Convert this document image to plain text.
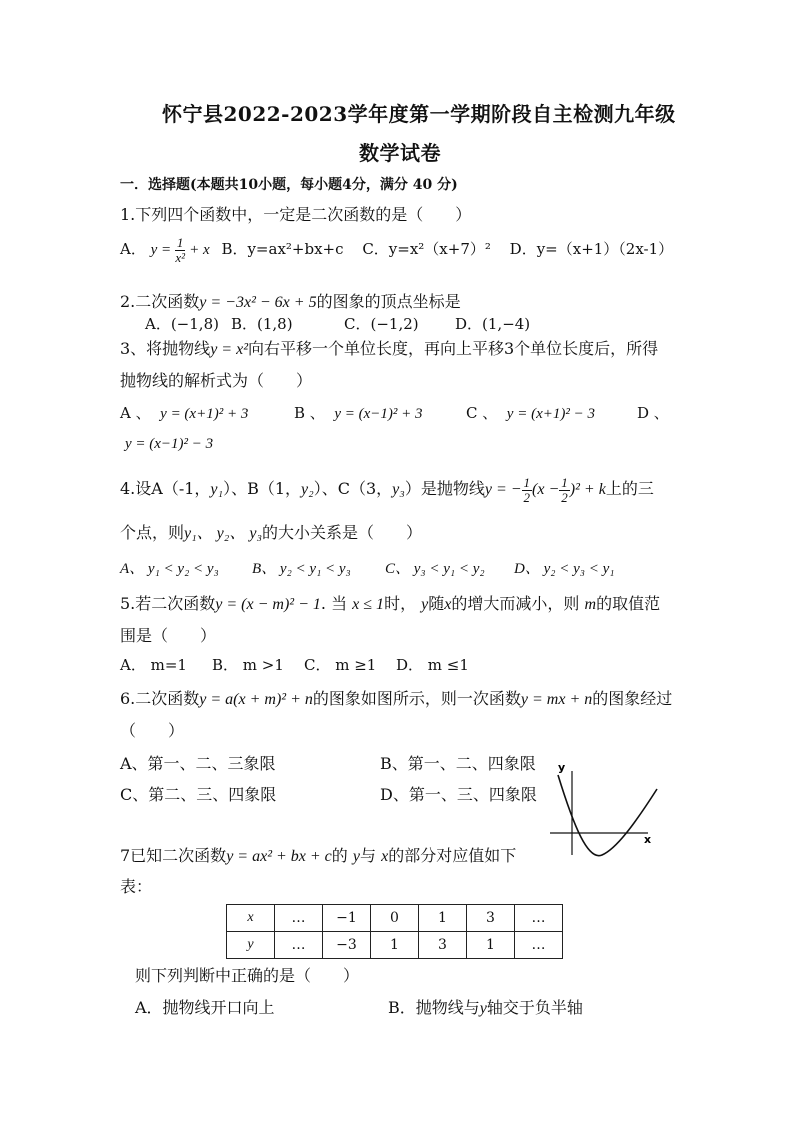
怀宁县2022-2023学年度第一学期阶段自主检测九年级
数学试卷
一．选择题(本题共10小题，每小题4分，满分 40 分)
1.下列四个函数中，一定是二次函数的是（　　）
A． $y = \frac{1}{\text{x²}} + x$ B．y=ax²+bx+c C．y=x²（x+7）² D．y=（x+1）（2x-1）
2.二次函数y = −3x² − 6x + 5的图象的顶点坐标是
A．(−1,8) B．(1,8)	C．(−1,2) D．(1,−4)
3、将抛物线y = x²向右平移一个单位长度，再向上平移3个单位长度后，所得
抛物线的解析式为（　　）
A 、 y = (x+1)² + 3	B 、 y = (x−1)² + 3	C 、 y = (x+1)² − 3	D 、
y = (x−1)² − 3
4.设A（-1，y₁）、B（1，y₂）、C（3，y₃）是抛物线y = − $\frac{1}{2} (x - \frac{1}{2} )^2 + k$上的三
个点，则y₁、 y₂、 y₃的大小关系是（　　）
A、 y₁ < y₂ < y₃ B、 y₂ < y₁ < y₃ C、 y₃ < y₁ < y₂ D、 y₂ < y₃ < y₁
5.若二次函数y = (x − m)² − 1. 当 x ≤ 1时， y随x的增大而减小，则 m的取值范
围是（　　）
A． m=1 B． m >1 C． m ≥1 D． m ≤1
6.二次函数y = a(x + m)² + n的图象如图所示，则一次函数y = mx + n的图象经过
（　　）
A、第一、二、三象限	B、第一、二、四象限
C、第二、三、四象限	D、第一、三、四象限
y
x
7已知二次函数y = ax² + bx + c的 y与 x的部分对应值如下
表：
x	…	−1	0	1	3	…
y	…	−3	1	3	1	…
则下列判断中正确的是（　　）
A．抛物线开口向上	B．抛物线与y轴交于负半轴
